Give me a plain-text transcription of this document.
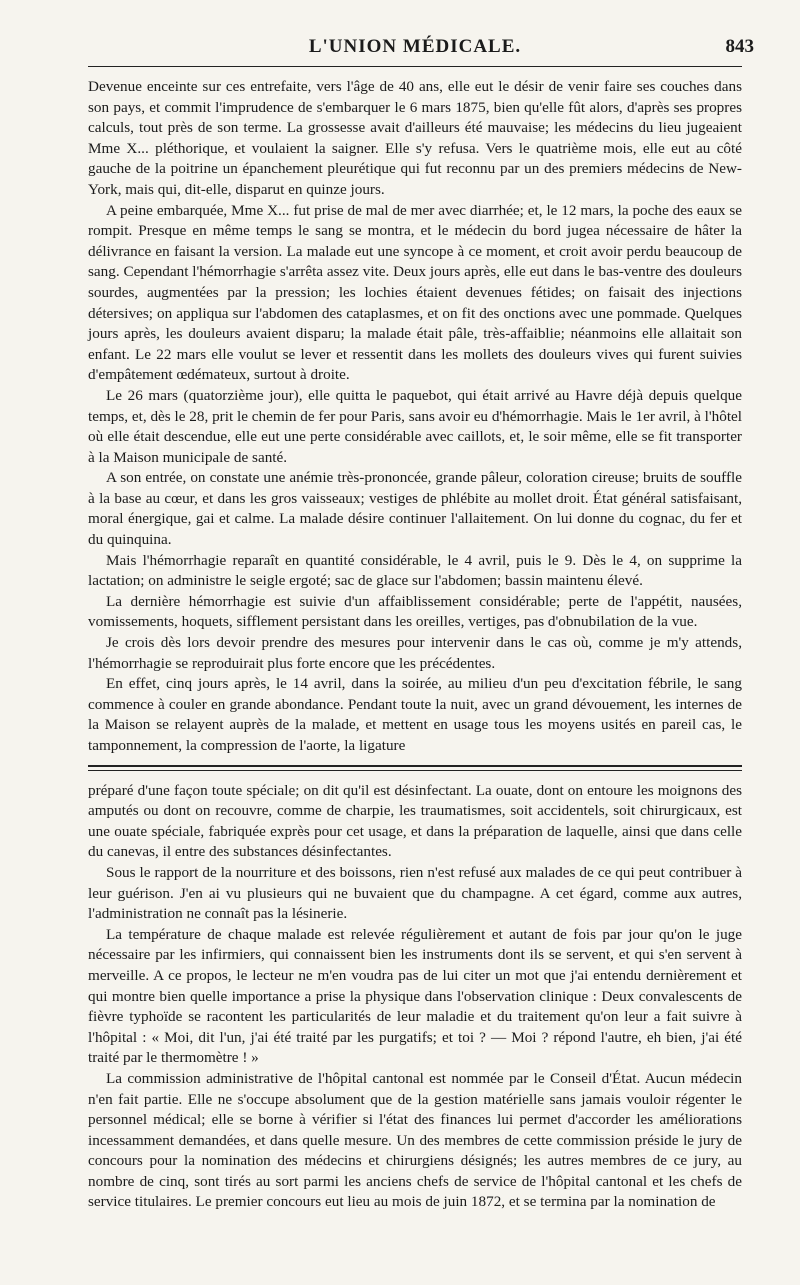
L'UNION MÉDICALE.	843

Devenue enceinte sur ces entrefaite, vers l'âge de 40 ans, elle eut le désir de venir faire ses couches dans son pays, et commit l'imprudence de s'embarquer le 6 mars 1875, bien qu'elle fût alors, d'après ses propres calculs, tout près de son terme. La grossesse avait d'ailleurs été mauvaise; les médecins du lieu jugeaient Mme X... pléthorique, et voulaient la saigner. Elle s'y refusa. Vers le quatrième mois, elle eut au côté gauche de la poitrine un épanchement pleurétique qui fut reconnu par un des premiers médecins de New-York, mais qui, dit-elle, disparut en quinze jours.

A peine embarquée, Mme X... fut prise de mal de mer avec diarrhée; et, le 12 mars, la poche des eaux se rompit. Presque en même temps le sang se montra, et le médecin du bord jugea nécessaire de hâter la délivrance en faisant la version. La malade eut une syncope à ce moment, et croit avoir perdu beaucoup de sang. Cependant l'hémorrhagie s'arrêta assez vite. Deux jours après, elle eut dans le bas-ventre des douleurs sourdes, augmentées par la pression; les lochies étaient devenues fétides; on faisait des injections détersives; on appliqua sur l'abdomen des cataplasmes, et on fit des onctions avec une pommade. Quelques jours après, les douleurs avaient disparu; la malade était pâle, très-affaiblie; néanmoins elle allaitait son enfant. Le 22 mars elle voulut se lever et ressentit dans les mollets des douleurs vives qui furent suivies d'empâtement œdémateux, surtout à droite.

Le 26 mars (quatorzième jour), elle quitta le paquebot, qui était arrivé au Havre déjà depuis quelque temps, et, dès le 28, prit le chemin de fer pour Paris, sans avoir eu d'hémorrhagie. Mais le 1er avril, à l'hôtel où elle était descendue, elle eut une perte considérable avec caillots, et, le soir même, elle se fit transporter à la Maison municipale de santé.

A son entrée, on constate une anémie très-prononcée, grande pâleur, coloration cireuse; bruits de souffle à la base au cœur, et dans les gros vaisseaux; vestiges de phlébite au mollet droit. État général satisfaisant, moral énergique, gai et calme. La malade désire continuer l'allaitement. On lui donne du cognac, du fer et du quinquina.

Mais l'hémorrhagie reparaît en quantité considérable, le 4 avril, puis le 9. Dès le 4, on supprime la lactation; on administre le seigle ergoté; sac de glace sur l'abdomen; bassin maintenu élevé.

La dernière hémorrhagie est suivie d'un affaiblissement considérable; perte de l'appétit, nausées, vomissements, hoquets, sifflement persistant dans les oreilles, vertiges, pas d'obnubilation de la vue.

Je crois dès lors devoir prendre des mesures pour intervenir dans le cas où, comme je m'y attends, l'hémorrhagie se reproduirait plus forte encore que les précédentes.

En effet, cinq jours après, le 14 avril, dans la soirée, au milieu d'un peu d'excitation fébrile, le sang commence à couler en grande abondance. Pendant toute la nuit, avec un grand dévouement, les internes de la Maison se relayent auprès de la malade, et mettent en usage tous les moyens usités en pareil cas, le tamponnement, la compression de l'aorte, la ligature

préparé d'une façon toute spéciale; on dit qu'il est désinfectant. La ouate, dont on entoure les moignons des amputés ou dont on recouvre, comme de charpie, les traumatismes, soit accidentels, soit chirurgicaux, est une ouate spéciale, fabriquée exprès pour cet usage, et dans la préparation de laquelle, ainsi que dans celle du canevas, il entre des substances désinfectantes.

Sous le rapport de la nourriture et des boissons, rien n'est refusé aux malades de ce qui peut contribuer à leur guérison. J'en ai vu plusieurs qui ne buvaient que du champagne. A cet égard, comme aux autres, l'administration ne connaît pas la lésinerie.

La température de chaque malade est relevée régulièrement et autant de fois par jour qu'on le juge nécessaire par les infirmiers, qui connaissent bien les instruments dont ils se servent, et qui s'en servent à merveille. A ce propos, le lecteur ne m'en voudra pas de lui citer un mot que j'ai entendu dernièrement et qui montre bien quelle importance a prise la physique dans l'observation clinique : Deux convalescents de fièvre typhoïde se racontent les particularités de leur maladie et du traitement qu'on leur a fait suivre à l'hôpital : « Moi, dit l'un, j'ai été traité par les purgatifs; et toi ? — Moi ? répond l'autre, eh bien, j'ai été traité par le thermomètre ! »

La commission administrative de l'hôpital cantonal est nommée par le Conseil d'État. Aucun médecin n'en fait partie. Elle ne s'occupe absolument que de la gestion matérielle sans jamais vouloir régenter le personnel médical; elle se borne à vérifier si l'état des finances lui permet d'accorder les améliorations incessamment demandées, et dans quelle mesure. Un des membres de cette commission préside le jury de concours pour la nomination des médecins et chirurgiens désignés; les autres membres de ce jury, au nombre de cinq, sont tirés au sort parmi les anciens chefs de service de l'hôpital cantonal et les chefs de service titulaires. Le premier concours eut lieu au mois de juin 1872, et se termina par la nomination de
